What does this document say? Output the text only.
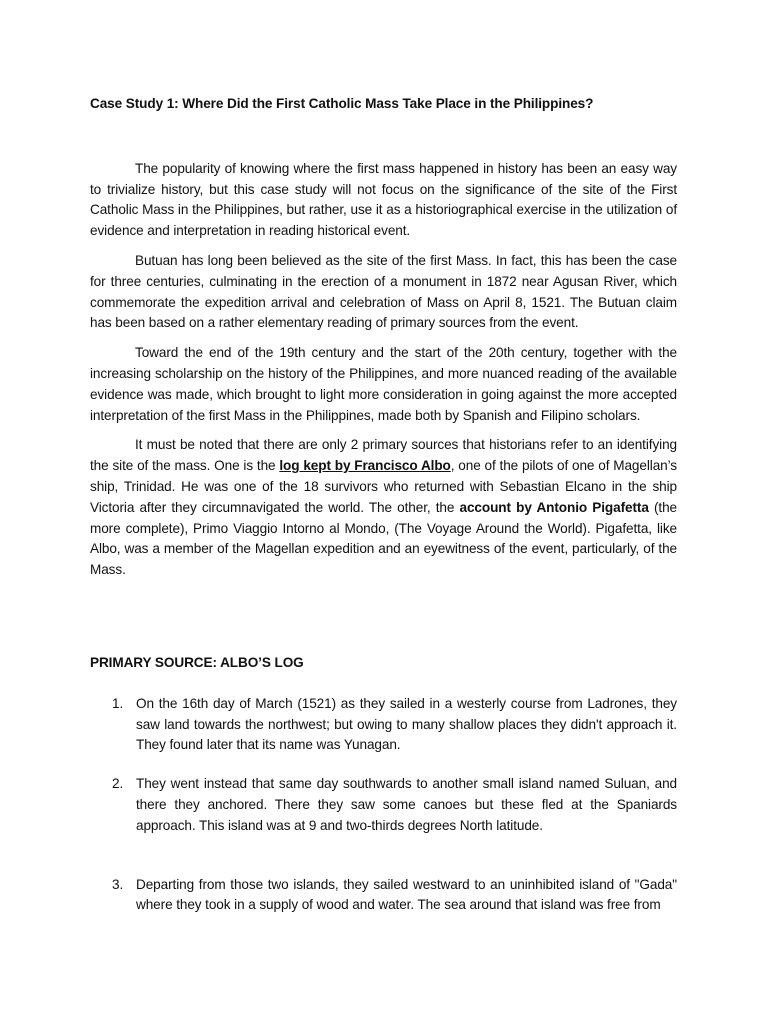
Case Study 1: Where Did the First Catholic Mass Take Place in the Philippines?

The popularity of knowing where the first mass happened in history has been an easy way to trivialize history, but this case study will not focus on the significance of the site of the First Catholic Mass in the Philippines, but rather, use it as a historiographical exercise in the utilization of evidence and interpretation in reading historical event.

Butuan has long been believed as the site of the first Mass. In fact, this has been the case for three centuries, culminating in the erection of a monument in 1872 near Agusan River, which commemorate the expedition arrival and celebration of Mass on April 8, 1521. The Butuan claim has been based on a rather elementary reading of primary sources from the event.

Toward the end of the 19th century and the start of the 20th century, together with the increasing scholarship on the history of the Philippines, and more nuanced reading of the available evidence was made, which brought to light more consideration in going against the more accepted interpretation of the first Mass in the Philippines, made both by Spanish and Filipino scholars.

It must be noted that there are only 2 primary sources that historians refer to an identifying the site of the mass. One is the log kept by Francisco Albo, one of the pilots of one of Magellan’s ship, Trinidad. He was one of the 18 survivors who returned with Sebastian Elcano in the ship Victoria after they circumnavigated the world. The other, the account by Antonio Pigafetta (the more complete), Primo Viaggio Intorno al Mondo, (The Voyage Around the World). Pigafetta, like Albo, was a member of the Magellan expedition and an eyewitness of the event, particularly, of the Mass.

PRIMARY SOURCE: ALBO’S LOG
1. On the 16th day of March (1521) as they sailed in a westerly course from Ladrones, they saw land towards the northwest; but owing to many shallow places they didn't approach it. They found later that its name was Yunagan.
2. They went instead that same day southwards to another small island named Suluan, and there they anchored. There they saw some canoes but these fled at the Spaniards approach. This island was at 9 and two-thirds degrees North latitude.
3. Departing from those two islands, they sailed westward to an uninhibited island of "Gada" where they took in a supply of wood and water. The sea around that island was free from
